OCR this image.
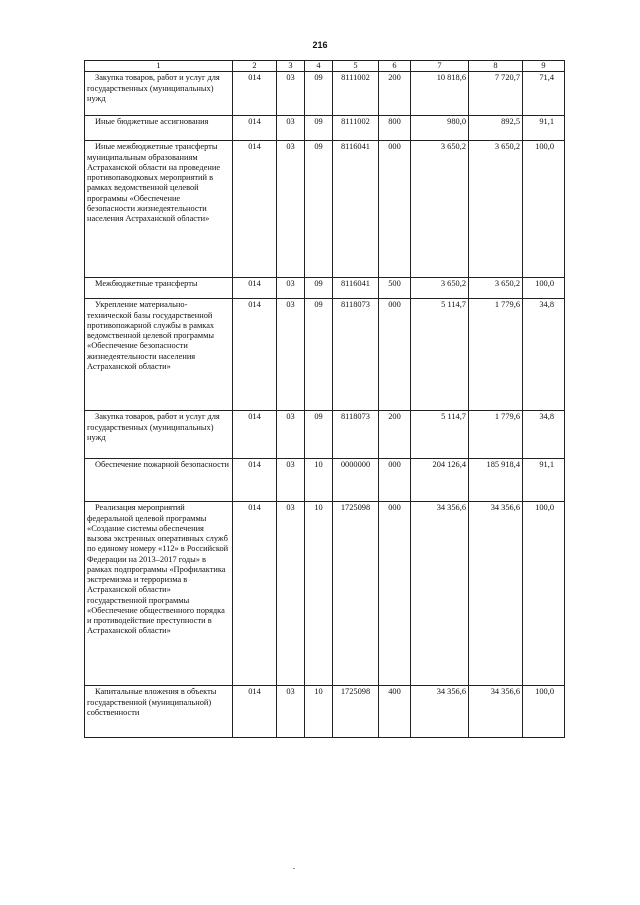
216
1	2	3	4	5	6	7	8	9

Закупка товаров, работ и услуг для государственных (муниципальных) нужд	014	03	09	8111002	200	10 818,6	7 720,7	71,4

Иные бюджетные ассигнования	014	03	09	8111002	800	980,0	892,5	91,1

Иные межбюджетные трансферты муниципальным образованиям Астраханской области на проведение противопаводковых мероприятий в рамках ведомственной целевой программы «Обеспечение безопасности жизнедеятельности населения Астраханской области»	014	03	09	8116041	000	3 650,2	3 650,2	100,0

Межбюджетные трансферты	014	03	09	8116041	500	3 650,2	3 650,2	100,0

Укрепление материально-технической базы государственной противопожарной службы в рамках ведомственной целевой программы «Обеспечение безопасности жизнедеятельности населения Астраханской области»	014	03	09	8118073	000	5 114,7	1 779,6	34,8

Закупка товаров, работ и услуг для государственных (муниципальных) нужд	014	03	09	8118073	200	5 114,7	1 779,6	34,8

Обеспечение пожарной безопасности	014	03	10	0000000	000	204 126,4	185 918,4	91,1

Реализация мероприятий федеральной целевой программы «Создание системы обеспечения вызова экстренных оперативных служб по единому номеру «112» в Российской Федерации на 2013–2017 годы» в рамках подпрограммы «Профилактика экстремизма и терроризма в Астраханской области» государственной программы «Обеспечение общественного порядка и противодействие преступности в Астраханской области»	014	03	10	1725098	000	34 356,6	34 356,6	100,0

Капитальные вложения в объекты государственной (муниципальной) собственности	014	03	10	1725098	400	34 356,6	34 356,6	100,0
